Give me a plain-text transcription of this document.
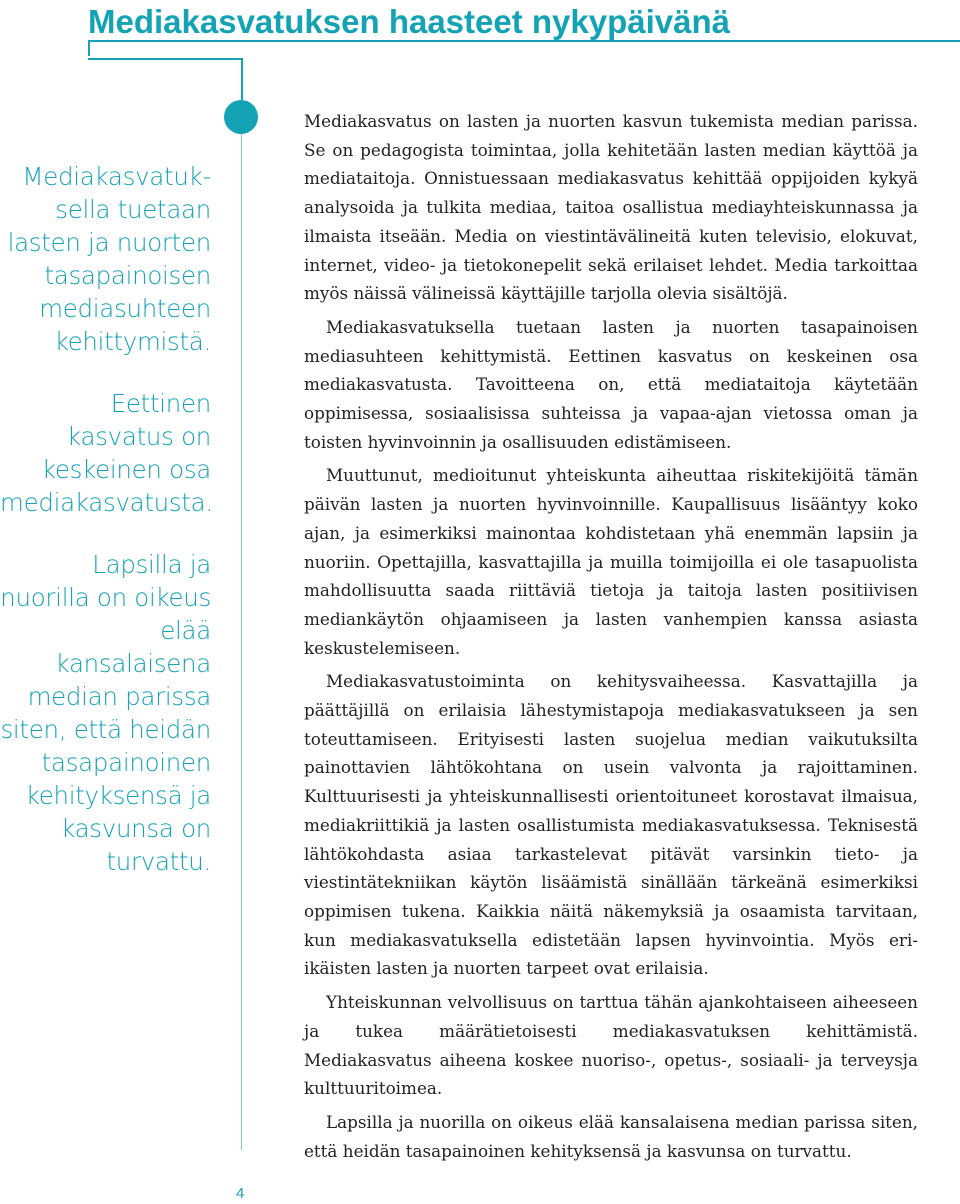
Mediakasvatuksen haasteet nykypäivänä

Mediakasvatuk-sella tuetaan lasten ja nuorten tasapainoisen mediasuhteen kehittymistä.

Eettinen kasvatus on keskeinen osa mediakasvatusta.

Lapsilla ja nuorilla on oikeus elää kansalaisena median parissa siten, että heidän tasapainoinen kehityksensä ja kasvunsa on turvattu.

Mediakasvatus on lasten ja nuorten kasvun tukemista median parissa. Se on pedagogista toimintaa, jolla kehitetään lasten median käyttöä ja mediataitoja. Onnistuessaan mediakasvatus kehittää oppijoiden kykyä analysoida ja tulkita mediaa, taitoa osallistua mediayhteiskunnassa ja ilmaista itseään. Media on viestintävälineitä kuten televisio, elokuvat, internet, video- ja tietokonepelit sekä erilaiset lehdet. Media tarkoittaa myös näissä välineissä käyttäjille tarjolla olevia sisältöjä.

Mediakasvatuksella tuetaan lasten ja nuorten tasapainoisen mediasuhteen kehittymistä. Eettinen kasvatus on keskeinen osa mediakasvatusta. Tavoitteena on, että mediataitoja käytetään oppimisessa, sosiaalisissa suhteissa ja vapaa-ajan vietossa oman ja toisten hyvinvoinnin ja osallisuuden edistämiseen.

Muuttunut, medioitunut yhteiskunta aiheuttaa riskitekijöitä tämän päivän lasten ja nuorten hyvinvoinnille. Kaupallisuus lisääntyy koko ajan, ja esimerkiksi mainontaa kohdistetaan yhä enemmän lapsiin ja nuoriin. Opettajilla, kasvattajilla ja muilla toimijoilla ei ole tasapuolista mahdollisuutta saada riittäviä tietoja ja taitoja lasten positiivisen mediankäytön ohjaamiseen ja lasten vanhempien kanssa asiasta keskustelemiseen.

Mediakasvatustoiminta on kehitysvaiheessa. Kasvattajilla ja päättäjillä on erilaisia lähestymistapoja mediakasvatukseen ja sen toteuttamiseen. Erityisesti lasten suojelua median vaikutuksilta painottavien lähtökohtana on usein valvonta ja rajoittaminen. Kulttuurisesti ja yhteiskunnallisesti orientoituneet korostavat ilmaisua, mediakriittikiä ja lasten osallistumista mediakasvatuksessa. Teknisestä lähtökohdasta asiaa tarkastelevat pitävät varsinkin tieto- ja viestintätekniikan käytön lisäämistä sinällään tärkeänä esimerkiksi oppimisen tukena. Kaikkia näitä näkemyksiä ja osaamista tarvitaan, kun mediakasvatuksella edistetään lapsen hyvinvointia. Myös eri-ikäisten lasten ja nuorten tarpeet ovat erilaisia.

Yhteiskunnan velvollisuus on tarttua tähän ajankohtaiseen aiheeseen ja tukea määrätietoisesti mediakasvatuksen kehittämistä. Mediakasvatus aiheena koskee nuoriso-, opetus-, sosiaali- ja terveysja kulttuuritoimea.

Lapsilla ja nuorilla on oikeus elää kansalaisena median parissa siten, että heidän tasapainoinen kehityksensä ja kasvunsa on turvattu.

4
